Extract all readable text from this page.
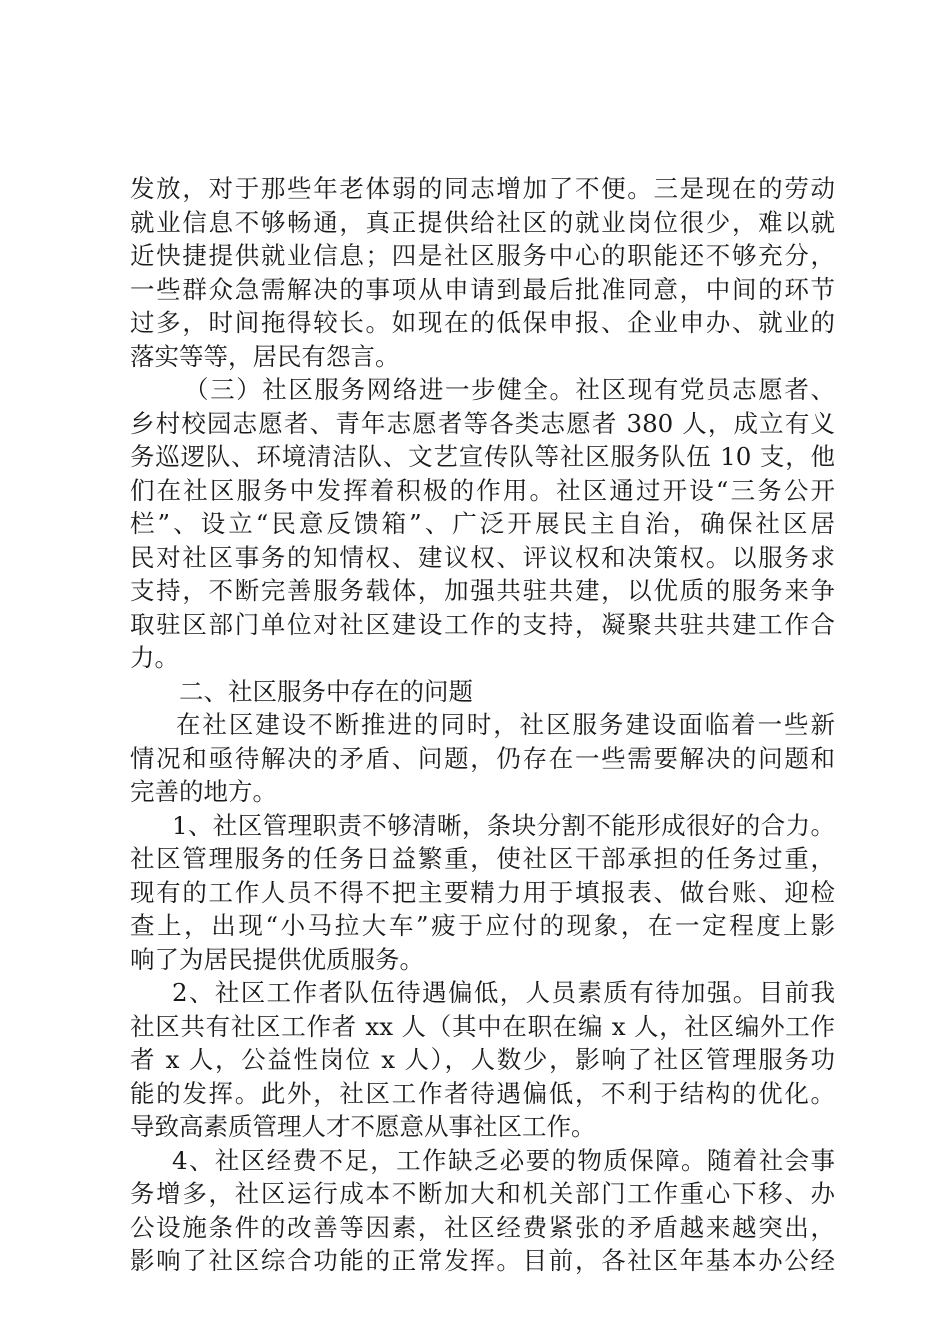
发放，对于那些年老体弱的同志增加了不便。三是现在的劳动
就业信息不够畅通，真正提供给社区的就业岗位很少，难以就
近快捷提供就业信息；四是社区服务中心的职能还不够充分，
一些群众急需解决的事项从申请到最后批准同意，中间的环节
过多，时间拖得较长。如现在的低保申报、企业申办、就业的
落实等等，居民有怨言。
（三）社区服务网络进一步健全。社区现有党员志愿者、
乡村校园志愿者、青年志愿者等各类志愿者 380 人，成立有义
务巡逻队、环境清洁队、文艺宣传队等社区服务队伍 10 支，他
们在社区服务中发挥着积极的作用。社区通过开设“三务公开
栏”、设立“民意反馈箱”、广泛开展民主自治，确保社区居
民对社区事务的知情权、建议权、评议权和决策权。以服务求
支持，不断完善服务载体，加强共驻共建，以优质的服务来争
取驻区部门单位对社区建设工作的支持，凝聚共驻共建工作合
力。
二、社区服务中存在的问题
在社区建设不断推进的同时，社区服务建设面临着一些新
情况和亟待解决的矛盾、问题，仍存在一些需要解决的问题和
完善的地方。
1、社区管理职责不够清晰，条块分割不能形成很好的合力。
社区管理服务的任务日益繁重，使社区干部承担的任务过重，
现有的工作人员不得不把主要精力用于填报表、做台账、迎检
查上，出现“小马拉大车”疲于应付的现象，在一定程度上影
响了为居民提供优质服务。
2、社区工作者队伍待遇偏低，人员素质有待加强。目前我
社区共有社区工作者 xx 人（其中在职在编 x 人，社区编外工作
者 x 人，公益性岗位 x 人），人数少，影响了社区管理服务功
能的发挥。此外，社区工作者待遇偏低，不利于结构的优化。
导致高素质管理人才不愿意从事社区工作。
4、社区经费不足，工作缺乏必要的物质保障。随着社会事
务增多，社区运行成本不断加大和机关部门工作重心下移、办
公设施条件的改善等因素，社区经费紧张的矛盾越来越突出，
影响了社区综合功能的正常发挥。目前，各社区年基本办公经
